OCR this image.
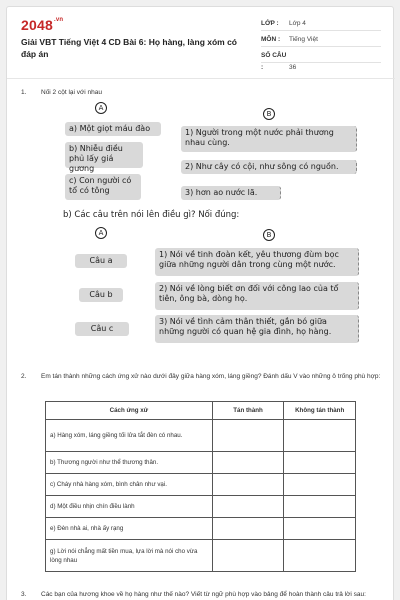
$2048^{.vn}$
Giải VBT Tiếng Việt 4 CD Bài 6: Họ hàng, làng xóm có đáp án
LỚP : Lớp 4
MÔN : Tiếng Việt
SỐ CÂU :	36
1.	Nối 2 cột lại với nhau
A
B
a) Một giọt máu đào
b) Nhiễu điều phủ lấy giá gương
c) Con người có tổ có tông
1) Người trong một nước phải thương nhau cùng.
2) Như cây có cội, như sông có nguồn.
3) hơn ao nước lã.
b) Các câu trên nói lên điều gì? Nối đúng:
A	B
Câu a
Câu b
Câu c
1) Nói về tinh đoàn kết, yêu thương đùm bọc giữa những người dân trong cùng một nước.
2) Nói về lòng biết ơn đối với công lao của tổ tiên, ông bà, dòng họ.
3) Nói về tình cảm thân thiết, gắn bó giữa những người có quan hệ gia đình, họ hàng.
2.	Em tán thành những cách ứng xử nào dưới đây giữa hàng xóm, láng giềng? Đánh dấu V vào những ô trống phù hợp:
Cách ứng xử	Tán thành	Không tán thành
a) Hàng xóm, láng giềng tối lửa tắt đèn có nhau.		
b) Thương người như thể thương thân.		
c) Cháy nhà hàng xóm, bình chân như vại.		
d) Một điều nhịn chín điều lành		
e) Đèn nhà ai, nhà ấy rạng		
g) Lời nói chẳng mất tiền mua, lựa lời mà nói cho vừa lòng nhau		
3.	Các bạn của hương khoe về họ hàng như thế nào? Viết từ ngữ phù hợp vào bảng để hoàn thành câu trả lời sau:
